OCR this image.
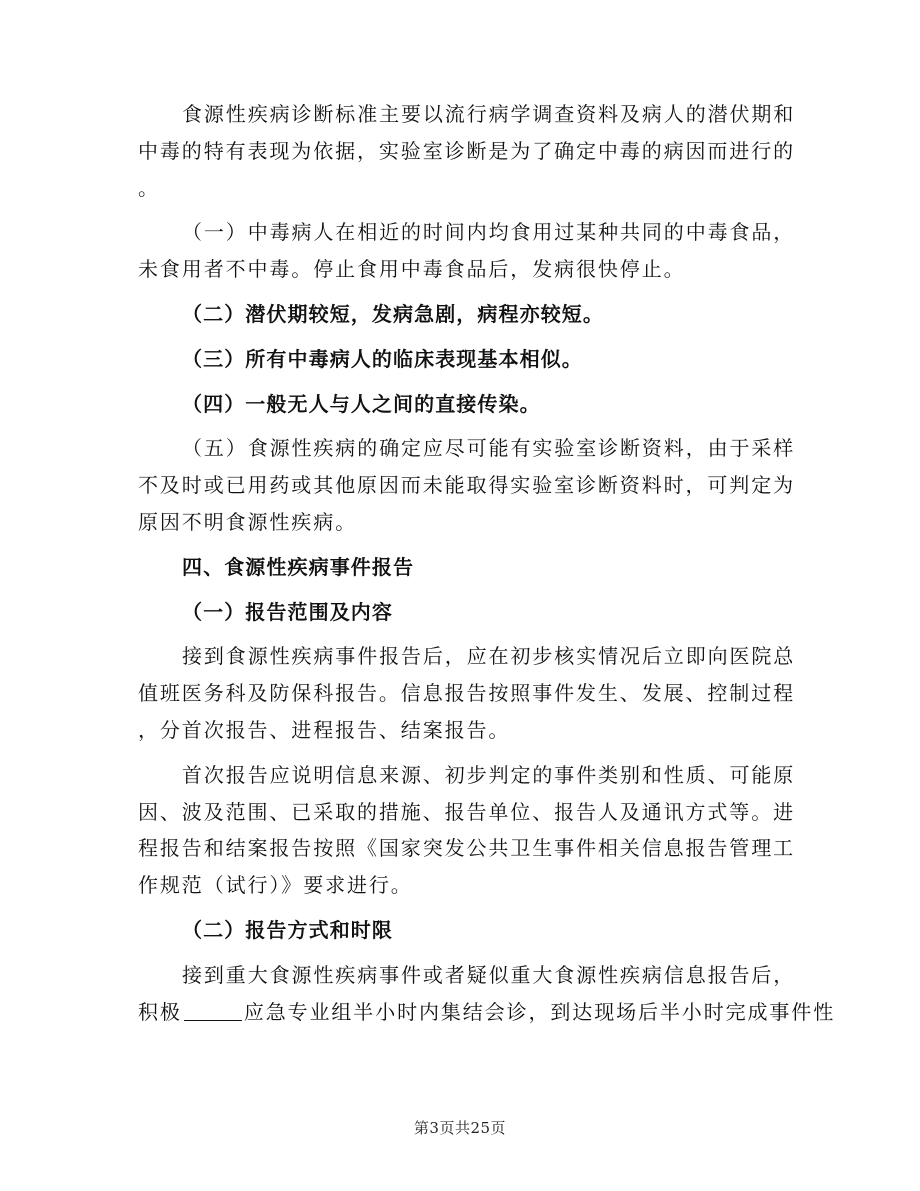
食源性疾病诊断标准主要以流行病学调查资料及病人的潜伏期和
中毒的特有表现为依据，实验室诊断是为了确定中毒的病因而进行的
。
（一）中毒病人在相近的时间内均食用过某种共同的中毒食品，
未食用者不中毒。停止食用中毒食品后，发病很快停止。
（二）潜伏期较短，发病急剧，病程亦较短。
（三）所有中毒病人的临床表现基本相似。
（四）一般无人与人之间的直接传染。
（五）食源性疾病的确定应尽可能有实验室诊断资料，由于采样
不及时或已用药或其他原因而未能取得实验室诊断资料时，可判定为
原因不明食源性疾病。
四、食源性疾病事件报告
（一）报告范围及内容
接到食源性疾病事件报告后，应在初步核实情况后立即向医院总
值班医务科及防保科报告。信息报告按照事件发生、发展、控制过程
，分首次报告、进程报告、结案报告。
首次报告应说明信息来源、初步判定的事件类别和性质、可能原
因、波及范围、已采取的措施、报告单位、报告人及通讯方式等。进
程报告和结案报告按照《国家突发公共卫生事件相关信息报告管理工
作规范（试行）》要求进行。
（二）报告方式和时限
接到重大食源性疾病事件或者疑似重大食源性疾病信息报告后，
积极	应急专业组半小时内集结会诊，到达现场后半小时完成事件性
第3页共25页
